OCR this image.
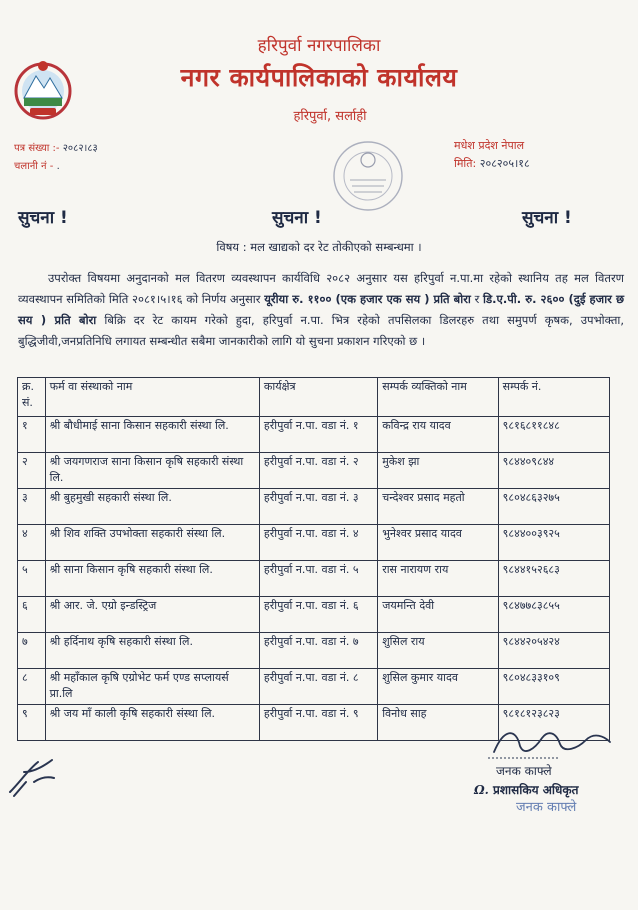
हरिपुर्वा नगरपालिका
नगर कार्यपालिकाको कार्यालय
हरिपुर्वा, सर्लाही
पत्र संख्या :- २०८२।८३
चलानी नं - .
मधेश प्रदेश नेपाल
मिति: २०८२०५।१८
सुचना !	सुचना !	सुचना !
विषय : मल खाद्यको दर रेट तोकीएको सम्बन्धमा ।
उपरोक्त विषयमा अनुदानको मल वितरण व्यवस्थापन कार्यविधि २०८२ अनुसार यस हरिपुर्वा न.पा.मा रहेको स्थानिय तह मल वितरण व्यवस्थापन समितिको मिति २०८१।५।१६ को निर्णय अनुसार यूरीया रु. ११०० (एक हजार एक सय ) प्रति बोरा र डि.ए.पी. रु. २६०० (दुई हजार छ सय ) प्रति बोरा बिक्रि दर रेट कायम गरेको हुदा, हरिपुर्वा न.पा. भित्र रहेको तपसिलका डिलरहरु तथा समुपर्ण कृषक, उपभोक्ता, बुद्धिजीवी,जनप्रतिनिधि लगायत सम्बन्धीत सबैमा जानकारीको लागि यो सुचना प्रकाशन गरिएको छ ।
क्र. सं.	फर्म वा संस्थाको नाम	कार्यक्षेत्र	सम्पर्क व्यक्तिको नाम	सम्पर्क नं.
१	श्री बौधीमाई साना किसान सहकारी संस्था लि.	हरीपुर्वा न.पा. वडा नं. १	कविन्द्र राय यादव	९८१६८११८४८
२	श्री जयगणराज साना किसान कृषि सहकारी संस्था लि.	हरीपुर्वा न.पा. वडा नं. २	मुकेश झा	९८४४०९८४४
३	श्री बुहमुखी सहकारी संस्था लि.	हरीपुर्वा न.पा. वडा नं. ३	चन्देश्वर प्रसाद महतो	९८०४८६३२७५
४	श्री शिव शक्ति उपभोक्ता सहकारी संस्था लि.	हरीपुर्वा न.पा. वडा नं. ४	भुनेश्वर प्रसाद यादव	९८४४००३९२५
५	श्री साना किसान कृषि सहकारी संस्था लि.	हरीपुर्वा न.पा. वडा नं. ५	रास नारायण राय	९८४४१५२६८३
६	श्री आर. जे. एग्रो इन्डस्ट्रिज	हरीपुर्वा न.पा. वडा नं. ६	जयमन्ति देवी	९८४७७८३८५५
७	श्री हर्दिनाथ कृषि सहकारी संस्था लि.	हरीपुर्वा न.पा. वडा नं. ७	शुसिल राय	९८४४२०५४२४
८	श्री महाँकाल कृषि एग्रोभेट फर्म एण्ड सप्लायर्स प्रा.लि	हरीपुर्वा न.पा. वडा नं. ८	शुसिल कुमार यादव	९८०४८३३१०९
९	श्री जय माँ काली कृषि सहकारी संस्था लि.	हरीपुर्वा न.पा. वडा नं. ९	विनोध साह	९८१८१२३८२३
जनक काफ्ले
Ω. प्रशासकिय अधिकृत
जनक काफ्ले
